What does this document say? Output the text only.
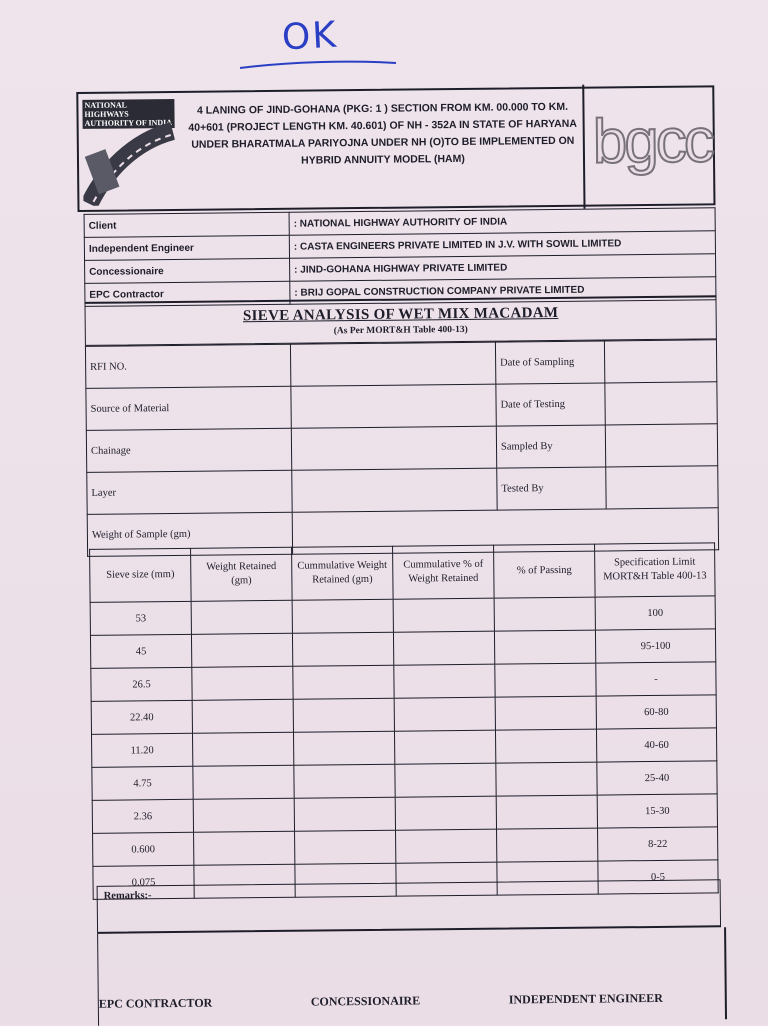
OK
NATIONAL HIGHWAYS AUTHORITY OF INDIA
4 LANING OF JIND-GOHANA (PKG: 1 ) SECTION FROM KM. 00.000 TO KM. 40+601 (PROJECT LENGTH KM. 40.601) OF NH - 352A IN STATE OF HARYANA UNDER BHARATMALA PARIYOJNA UNDER NH (O)TO BE IMPLEMENTED ON HYBRID ANNUITY MODEL (HAM)	bgcc
Client	: NATIONAL HIGHWAY AUTHORITY OF INDIA
Independent Engineer	: CASTA ENGINEERS PRIVATE LIMITED IN J.V. WITH SOWIL LIMITED
Concessionaire	: JIND-GOHANA HIGHWAY PRIVATE LIMITED
EPC Contractor	: BRIJ GOPAL CONSTRUCTION COMPANY PRIVATE LIMITED
SIEVE ANALYSIS OF WET MIX MACADAM
(As Per MORT&H Table 400-13)
RFI NO.		Date of Sampling	
Source of Material		Date of Testing	
Chainage		Sampled By	
Layer		Tested By	
Weight of Sample (gm)			
Sieve size (mm)	Weight Retained (gm)	Cummulative Weight Retained (gm)	Cummulative % of Weight Retained	% of Passing	Specification Limit MORT&H Table 400-13
53					100
45					95-100
26.5					-
22.40					60-80
11.20					40-60
4.75					25-40
2.36					15-30
0.600					8-22
0.075					0-5
Remarks:-
EPC CONTRACTOR	CONCESSIONAIRE	INDEPENDENT ENGINEER
